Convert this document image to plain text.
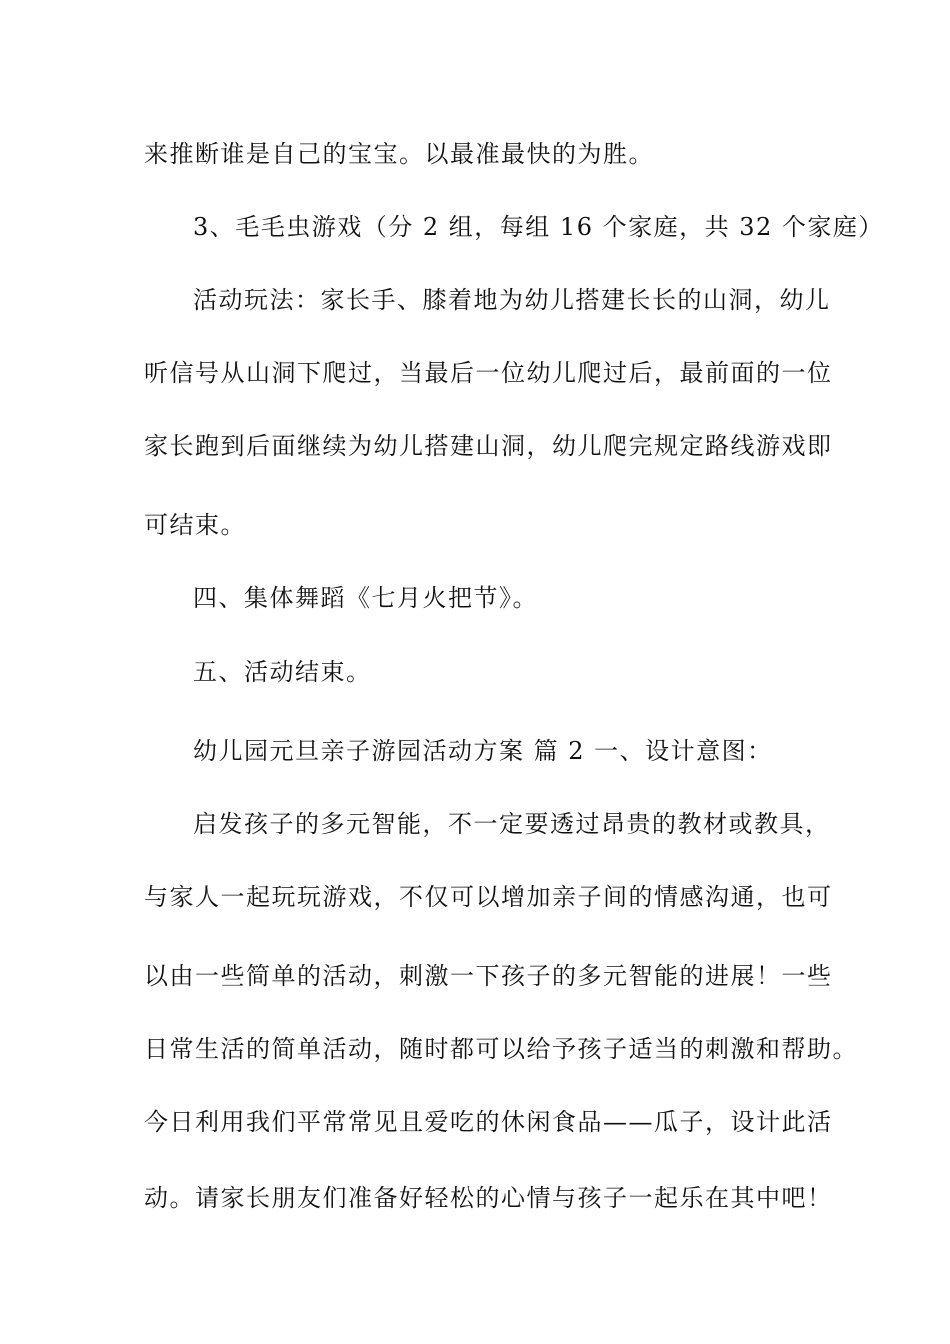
来推断谁是自己的宝宝。以最准最快的为胜。
3、毛毛虫游戏（分 2 组，每组 16 个家庭，共 32 个家庭）
活动玩法：家长手、膝着地为幼儿搭建长长的山洞，幼儿
听信号从山洞下爬过，当最后一位幼儿爬过后，最前面的一位
家长跑到后面继续为幼儿搭建山洞，幼儿爬完规定路线游戏即
可结束。
四、集体舞蹈《七月火把节》。
五、活动结束。
幼儿园元旦亲子游园活动方案 篇 2 一、设计意图：
启发孩子的多元智能，不一定要透过昂贵的教材或教具，
与家人一起玩玩游戏，不仅可以增加亲子间的情感沟通，也可
以由一些简单的活动，刺激一下孩子的多元智能的进展！一些
日常生活的简单活动，随时都可以给予孩子适当的刺激和帮助。
今日利用我们平常常见且爱吃的休闲食品——瓜子，设计此活
动。请家长朋友们准备好轻松的心情与孩子一起乐在其中吧！
